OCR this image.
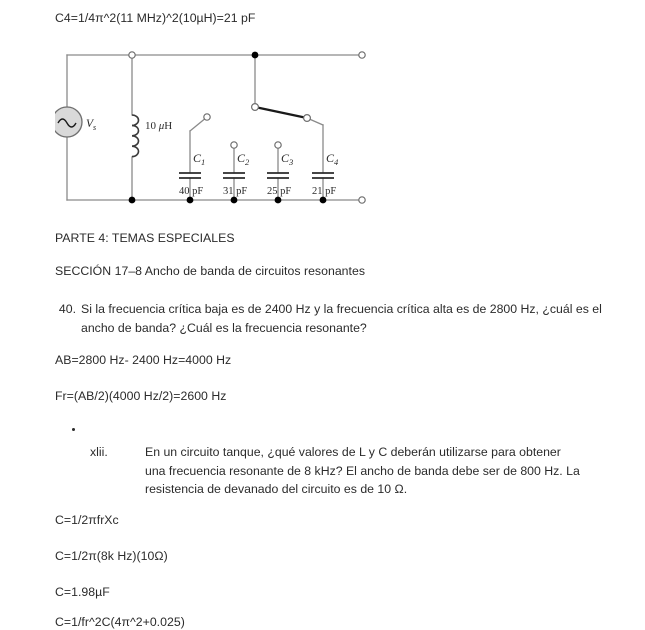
C4=1/4π^2(11 MHz)^2(10µH)=21 pF
$V_s$	10 μH
$C_1$	$C_2$	$C_3$	$C_4$
40 pF 31 pF 25 pF 21 pF
PARTE 4: TEMAS ESPECIALES
SECCIÓN 17–8 Ancho de banda de circuitos resonantes
40. Si la frecuencia crítica baja es de 2400 Hz y la frecuencia crítica alta es de 2800 Hz, ¿cuál es el ancho de banda? ¿Cuál es la frecuencia resonante?
AB=2800 Hz- 2400 Hz=4000 Hz
Fr=(AB/2)(4000 Hz/2)=2600 Hz
xlii.	En un circuito tanque, ¿qué valores de L y C deberán utilizarse para obtener una frecuencia resonante de 8 kHz? El ancho de banda debe ser de 800 Hz. La resistencia de devanado del circuito es de 10 Ω.
C=1/2πfrXc
C=1/2π(8k Hz)(10Ω)
C=1.98µF
C=1/fr^2C(4π^2+0.025)
